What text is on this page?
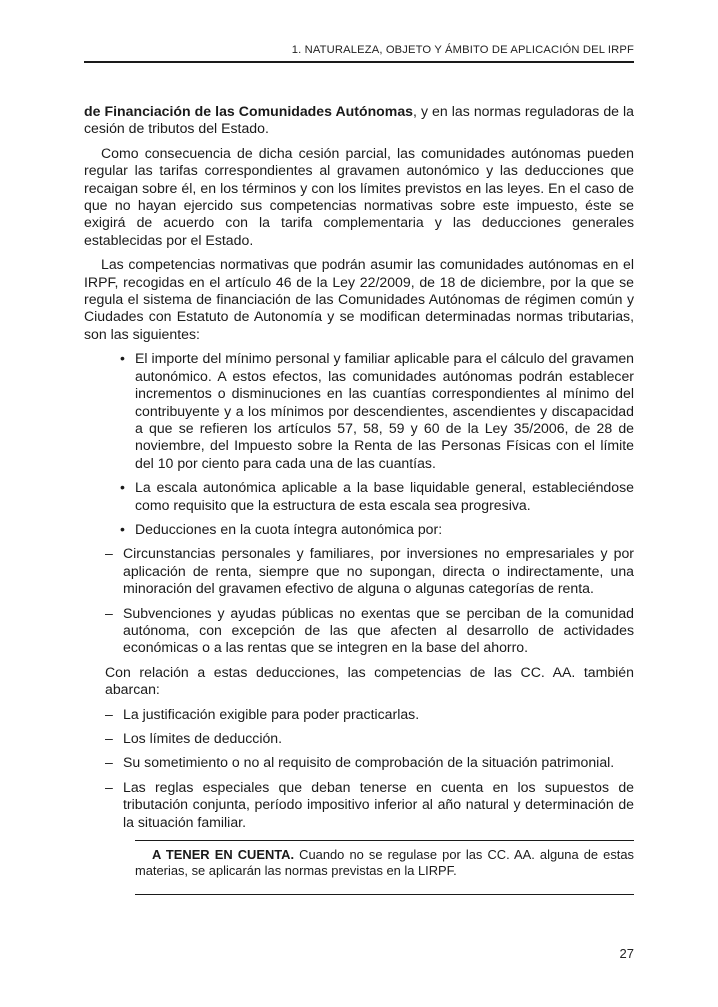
1. NATURALEZA, OBJETO Y ÁMBITO DE APLICACIÓN DEL IRPF

de Financiación de las Comunidades Autónomas, y en las normas reguladoras de la cesión de tributos del Estado.

Como consecuencia de dicha cesión parcial, las comunidades autónomas pueden regular las tarifas correspondientes al gravamen autonómico y las deducciones que recaigan sobre él, en los términos y con los límites previstos en las leyes. En el caso de que no hayan ejercido sus competencias normativas sobre este impuesto, éste se exigirá de acuerdo con la tarifa complementaria y las deducciones generales establecidas por el Estado.

Las competencias normativas que podrán asumir las comunidades autónomas en el IRPF, recogidas en el artículo 46 de la Ley 22/2009, de 18 de diciembre, por la que se regula el sistema de financiación de las Comunidades Autónomas de régimen común y Ciudades con Estatuto de Autonomía y se modifican determinadas normas tributarias, son las siguientes:

• El importe del mínimo personal y familiar aplicable para el cálculo del gravamen autonómico. A estos efectos, las comunidades autónomas podrán establecer incrementos o disminuciones en las cuantías correspondientes al mínimo del contribuyente y a los mínimos por descendientes, ascendientes y discapacidad a que se refieren los artículos 57, 58, 59 y 60 de la Ley 35/2006, de 28 de noviembre, del Impuesto sobre la Renta de las Personas Físicas con el límite del 10 por ciento para cada una de las cuantías.
• La escala autonómica aplicable a la base liquidable general, estableciéndose como requisito que la estructura de esta escala sea progresiva.
• Deducciones en la cuota íntegra autonómica por:
– Circunstancias personales y familiares, por inversiones no empresariales y por aplicación de renta, siempre que no supongan, directa o indirectamente, una minoración del gravamen efectivo de alguna o algunas categorías de renta.
– Subvenciones y ayudas públicas no exentas que se perciban de la comunidad autónoma, con excepción de las que afecten al desarrollo de actividades económicas o a las rentas que se integren en la base del ahorro.

Con relación a estas deducciones, las competencias de las CC. AA. también abarcan:

– La justificación exigible para poder practicarlas.
– Los límites de deducción.
– Su sometimiento o no al requisito de comprobación de la situación patrimonial.
– Las reglas especiales que deban tenerse en cuenta en los supuestos de tributación conjunta, período impositivo inferior al año natural y determinación de la situación familiar.

A TENER EN CUENTA. Cuando no se regulase por las CC. AA. alguna de estas materias, se aplicarán las normas previstas en la LIRPF.

27
